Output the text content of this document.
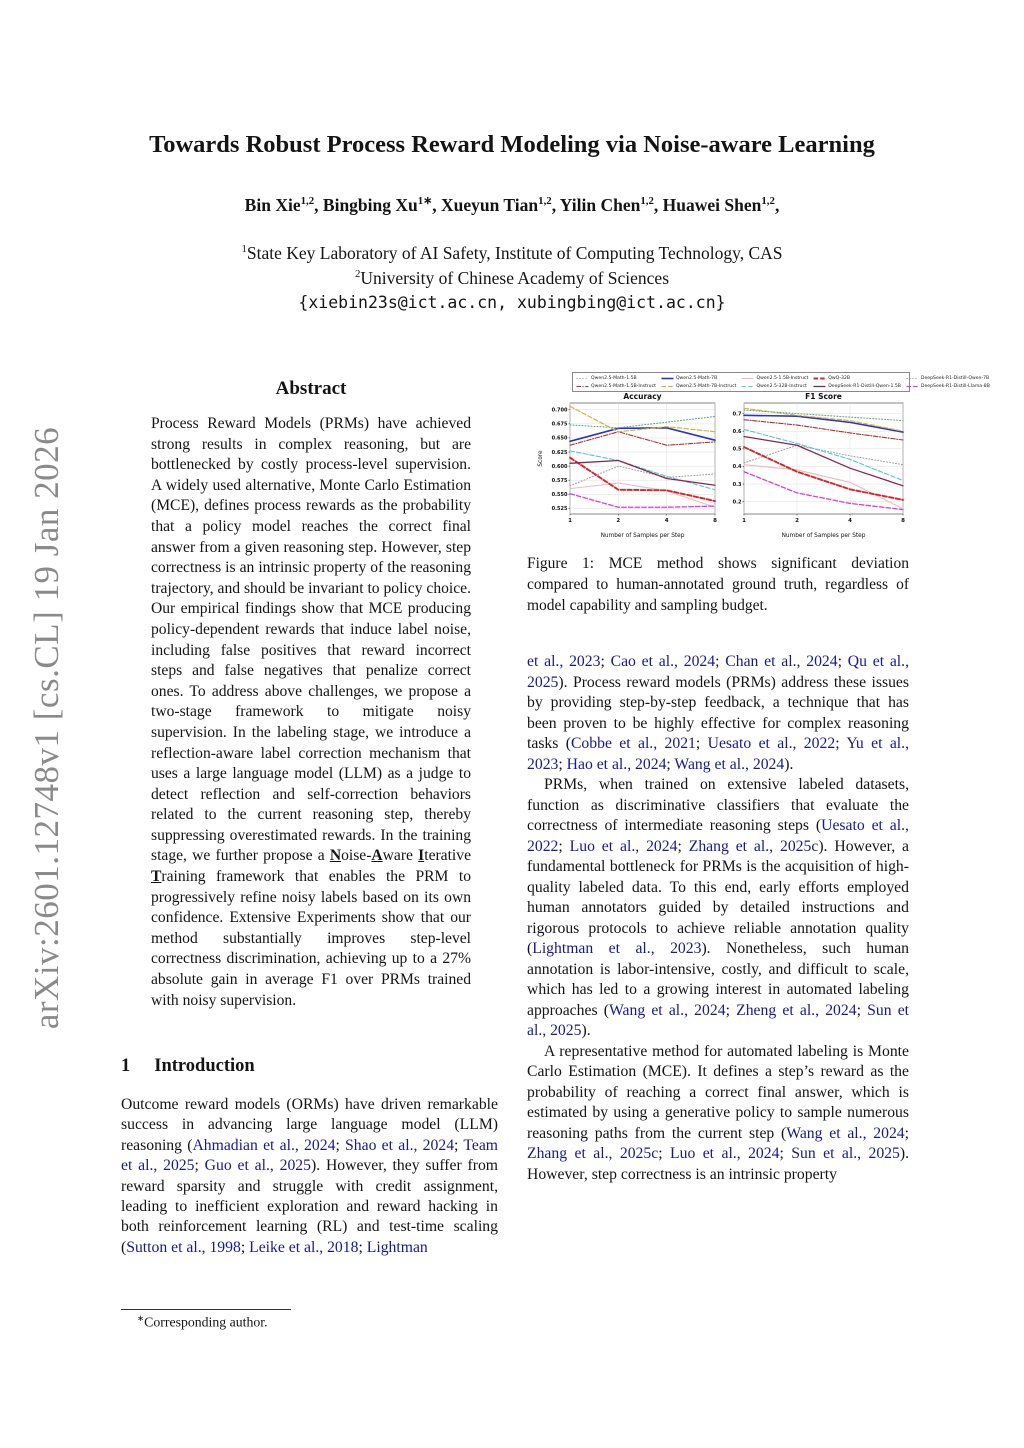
arXiv:2601.12748v1 [cs.CL] 19 Jan 2026
Towards Robust Process Reward Modeling via Noise-aware Learning
Bin Xie$^{1,2}$, Bingbing $Xu^{1∗}$, Xueyun Tian$^{1,2}$, Yilin Chen$^{1,2}$, Huawei Shen$^{1,2}$,
$^1$State Key Laboratory of AI Safety, Institute of Computing Technology, CAS
$^2$University of Chinese Academy of Sciences
{xiebin23s@ict.ac.cn, xubingbing@ict.ac.cn}
Abstract
Process Reward Models (PRMs) have achieved strong results in complex reasoning, but are bottlenecked by costly process-level supervision. A widely used alternative, Monte Carlo Estimation (MCE), defines process rewards as the probability that a policy model reaches the correct final answer from a given reasoning step. However, step correctness is an intrinsic property of the reasoning trajectory, and should be invariant to policy choice. Our empirical findings show that MCE producing policy-dependent rewards that induce label noise, including false positives that reward incorrect steps and false negatives that penalize correct ones. To address above challenges, we propose a two-stage framework to mitigate noisy supervision. In the labeling stage, we introduce a reflection-aware label correction mechanism that uses a large language model (LLM) as a judge to detect reflection and self-correction behaviors related to the current reasoning step, thereby suppressing overestimated rewards. In the training stage, we further propose a Noise-Aware Iterative Training framework that enables the PRM to progressively refine noisy labels based on its own confidence. Extensive Experiments show that our method substantially improves step-level correctness discrimination, achieving up to a 27% absolute gain in average F1 over PRMs trained with noisy supervision.
1 Introduction
Outcome reward models (ORMs) have driven remarkable success in advancing large language model (LLM) reasoning (Ahmadian et al., 2024; Shao et al., 2024; Team et al., 2025; Guo et al., 2025). However, they suffer from reward sparsity and struggle with credit assignment, leading to inefficient exploration and reward hacking in both reinforcement learning (RL) and test-time scaling (Sutton et al., 1998; Leike et al., 2018; Lightman
∗Corresponding author.
Qwen2.5-Math-1.5B
Qwen2.5-Math-1.5B-Instruct
Qwen2.5-Math-7B
Qwen2.5-Math-7B-Instruct
Qwen2.5-1.5B-Instruct
Qwen2.5-32B-Instruct
QwQ-32B
DeepSeek-R1-Distill-Qwen-1.5B
DeepSeek-R1-Distill-Qwen-7B
DeepSeek-R1-Distill-Llama-8B
0.525
0.550
0.575
0.600
0.625
0.650
0.675
0.700
1	2	4	8
Accuracy
Number of Samples per Step
Score
0.2
0.3
0.4
0.5
0.6
0.7
1	2	4	8
F1 Score
Number of Samples per Step
Figure 1: MCE method shows significant deviation compared to human-annotated ground truth, regardless of model capability and sampling budget.

et al., 2023; Cao et al., 2024; Chan et al., 2024; Qu et al., 2025). Process reward models (PRMs) address these issues by providing step-by-step feedback, a technique that has been proven to be highly effective for complex reasoning tasks (Cobbe et al., 2021; Uesato et al., 2022; Yu et al., 2023; Hao et al., 2024; Wang et al., 2024).

PRMs, when trained on extensive labeled datasets, function as discriminative classifiers that evaluate the correctness of intermediate reasoning steps (Uesato et al., 2022; Luo et al., 2024; Zhang et al., 2025c). However, a fundamental bottleneck for PRMs is the acquisition of high-quality labeled data. To this end, early efforts employed human annotators guided by detailed instructions and rigorous protocols to achieve reliable annotation quality (Lightman et al., 2023). Nonetheless, such human annotation is labor-intensive, costly, and difficult to scale, which has led to a growing interest in automated labeling approaches (Wang et al., 2024; Zheng et al., 2024; Sun et al., 2025).

A representative method for automated labeling is Monte Carlo Estimation (MCE). It defines a step’s reward as the probability of reaching a correct final answer, which is estimated by using a generative policy to sample numerous reasoning paths from the current step (Wang et al., 2024; Zhang et al., 2025c; Luo et al., 2024; Sun et al., 2025). However, step correctness is an intrinsic property
